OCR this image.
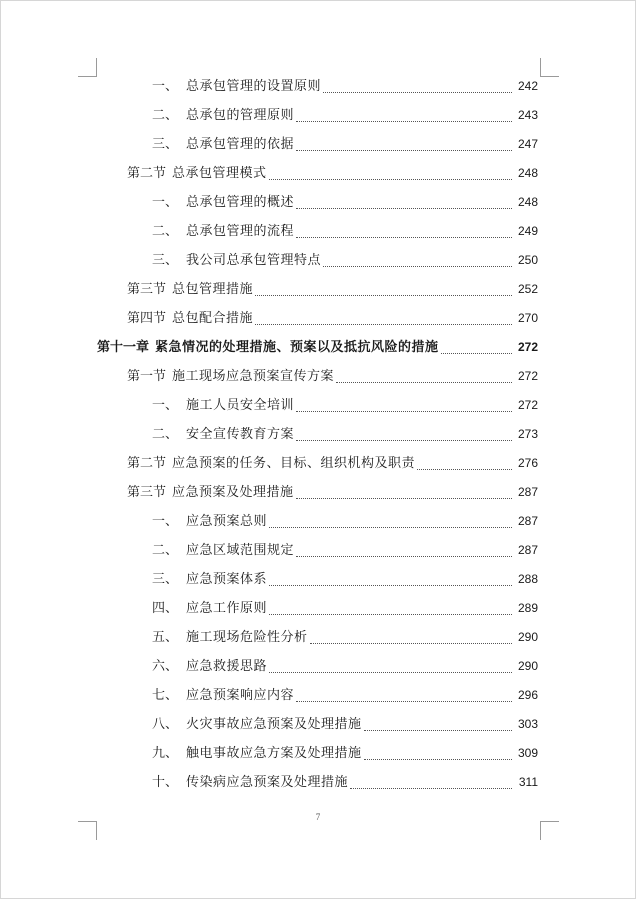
一、 总承包管理的设置原则	242
二、 总承包的管理原则	243
三、 总承包管理的依据	247
第二节 总承包管理模式	248
一、 总承包管理的概述	248
二、 总承包管理的流程	249
三、 我公司总承包管理特点	250
第三节 总包管理措施	252
第四节 总包配合措施	270
第十一章 紧急情况的处理措施、预案以及抵抗风险的措施	272
第一节 施工现场应急预案宣传方案	272
一、 施工人员安全培训	272
二、 安全宣传教育方案	273
第二节 应急预案的任务、目标、组织机构及职责	276
第三节 应急预案及处理措施	287
一、 应急预案总则	287
二、 应急区域范围规定	287
三、 应急预案体系	288
四、 应急工作原则	289
五、 施工现场危险性分析	290
六、 应急救援思路	290
七、 应急预案响应内容	296
八、 火灾事故应急预案及处理措施	303
九、 触电事故应急方案及处理措施	309
十、 传染病应急预案及处理措施	311
7
